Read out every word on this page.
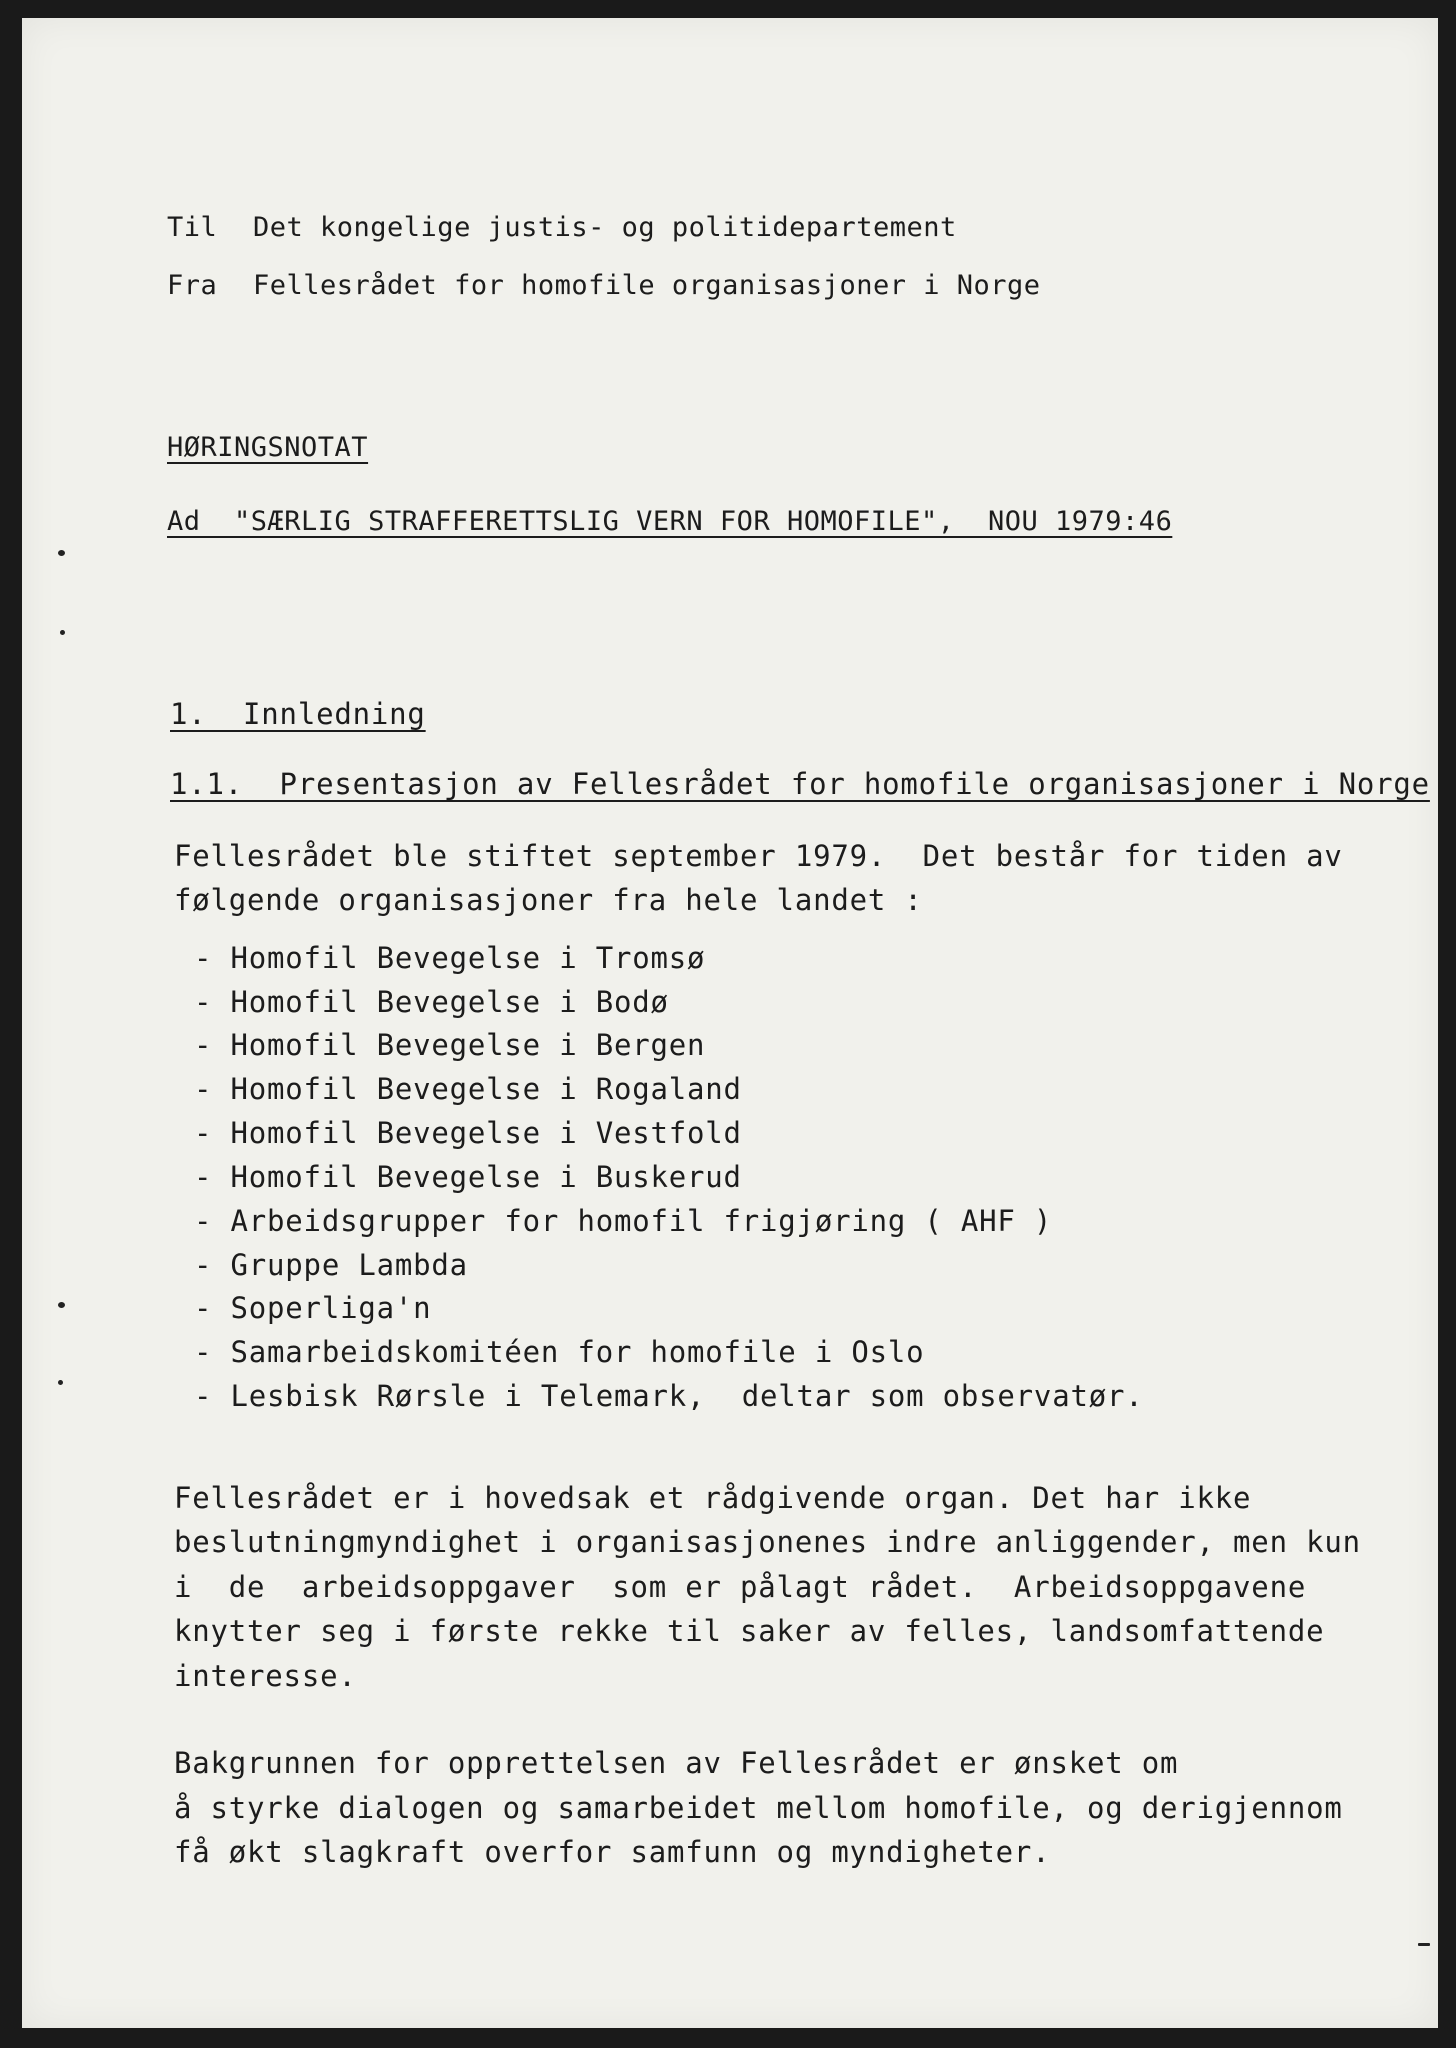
Til Det kongelige justis- og politidepartement
Fra Fellesrådet for homofile organisasjoner i Norge
HØRINGSNOTAT
Ad  "SÆRLIG STRAFFERETTSLIG VERN FOR HOMOFILE",  NOU 1979:46
1.  Innledning
1.1.  Presentasjon av Fellesrådet for homofile organisasjoner i Norge
Fellesrådet ble stiftet september 1979.  Det består for tiden av
følgende organisasjoner fra hele landet :
- Homofil Bevegelse i Tromsø
- Homofil Bevegelse i Bodø
- Homofil Bevegelse i Bergen
- Homofil Bevegelse i Rogaland
- Homofil Bevegelse i Vestfold
- Homofil Bevegelse i Buskerud
- Arbeidsgrupper for homofil frigjøring ( AHF )
- Gruppe Lambda
- Soperliga'n
- Samarbeidskomitéen for homofile i Oslo
- Lesbisk Rørsle i Telemark,  deltar som observatør.
Fellesrådet er i hovedsak et rådgivende organ. Det har ikke
beslutningmyndighet i organisasjonenes indre anliggender, men kun
i  de  arbeidsoppgaver  som er pålagt rådet.  Arbeidsoppgavene
knytter seg i første rekke til saker av felles, landsomfattende
interesse.
Bakgrunnen for opprettelsen av Fellesrådet er ønsket om
å styrke dialogen og samarbeidet mellom homofile, og derigjennom
få økt slagkraft overfor samfunn og myndigheter.
